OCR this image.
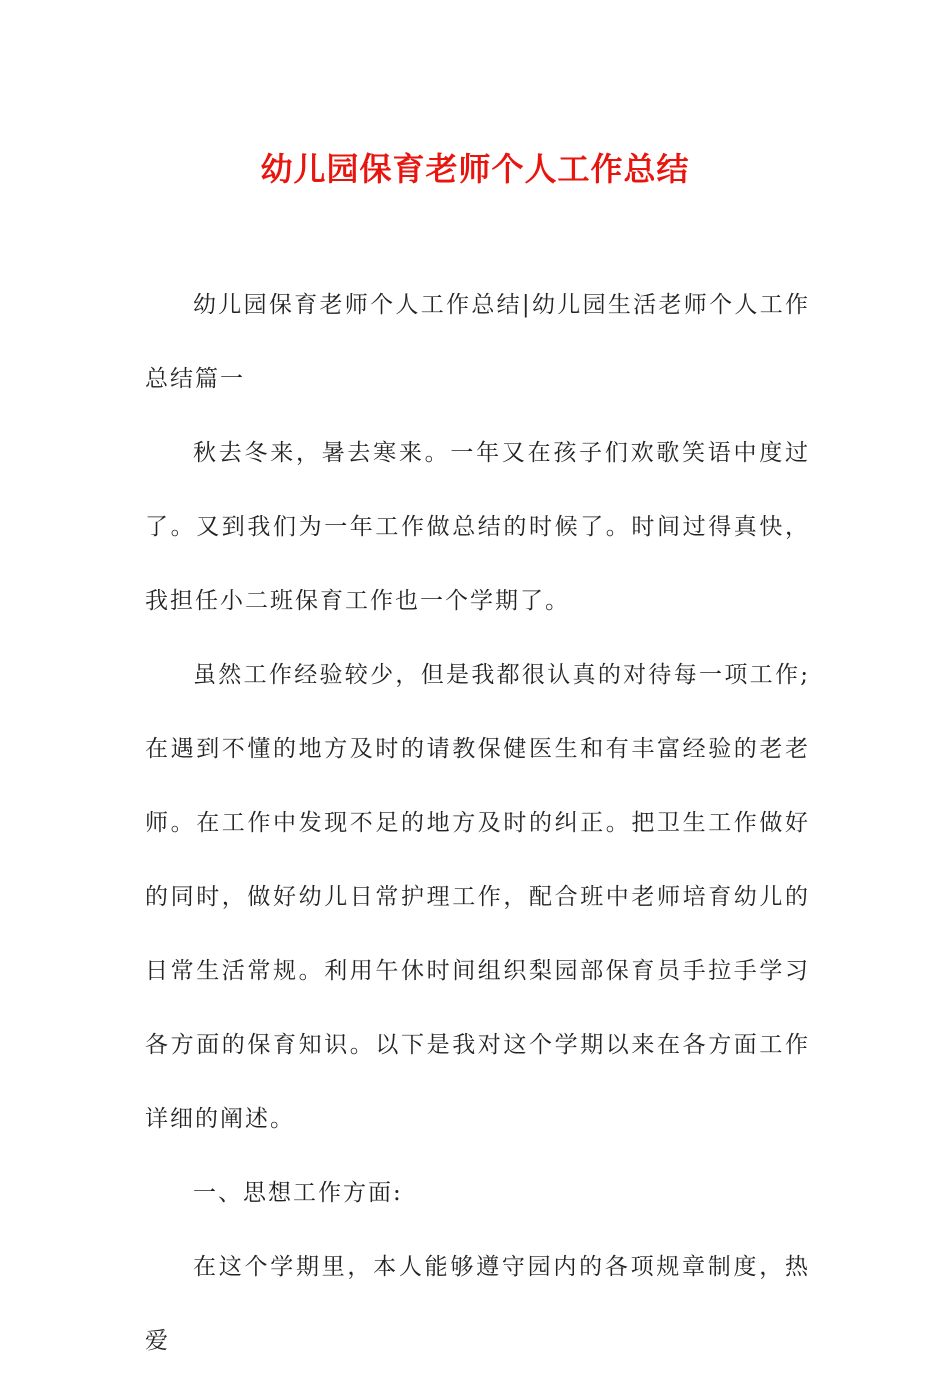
幼儿园保育老师个人工作总结

幼儿园保育老师个人工作总结|幼儿园生活老师个人工作总结篇一

秋去冬来，暑去寒来。一年又在孩子们欢歌笑语中度过了。又到我们为一年工作做总结的时候了。时间过得真快，我担任小二班保育工作也一个学期了。

虽然工作经验较少，但是我都很认真的对待每一项工作;在遇到不懂的地方及时的请教保健医生和有丰富经验的老老师。在工作中发现不足的地方及时的纠正。把卫生工作做好的同时，做好幼儿日常护理工作，配合班中老师培育幼儿的日常生活常规。利用午休时间组织梨园部保育员手拉手学习各方面的保育知识。以下是我对这个学期以来在各方面工作详细的阐述。

一、思想工作方面:

在这个学期里，本人能够遵守园内的各项规章制度，热爱
